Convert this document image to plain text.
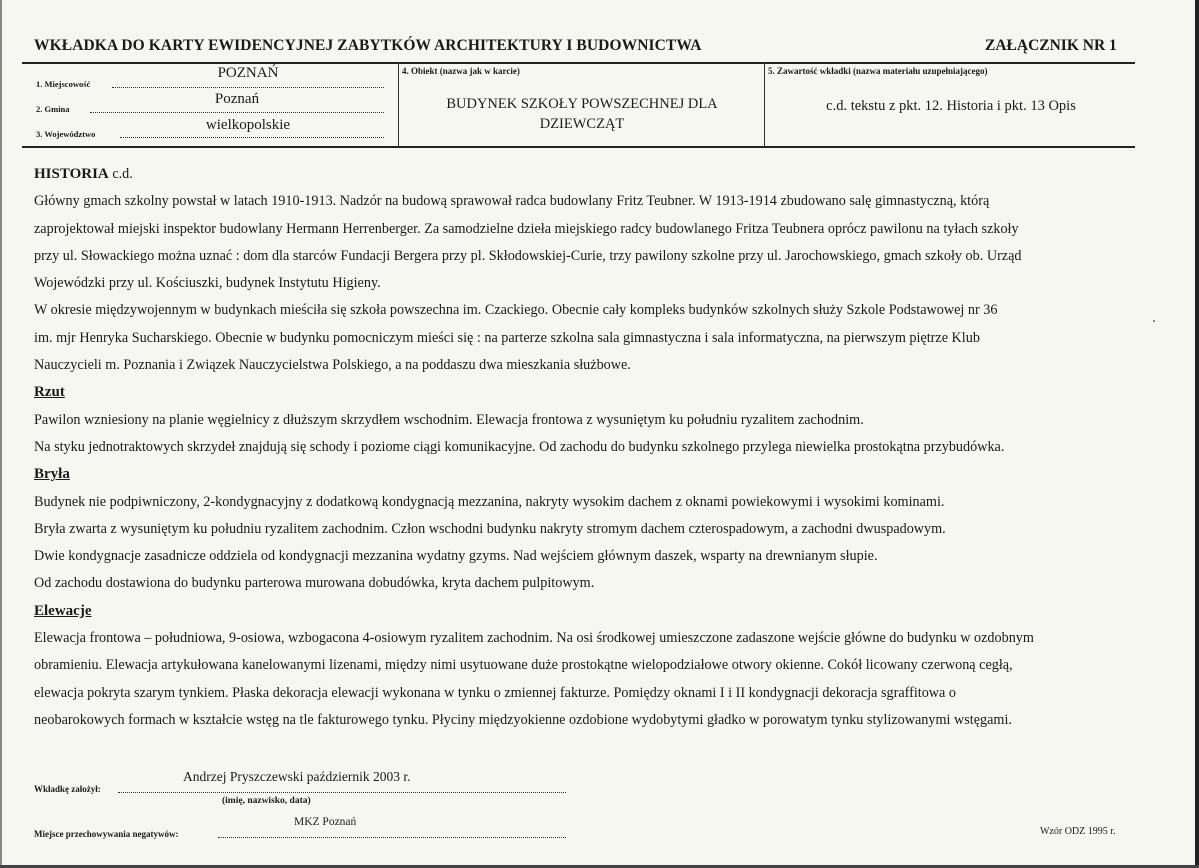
WKŁADKA DO KARTY EWIDENCYJNEJ ZABYTKÓW ARCHITEKTURY I BUDOWNICTWA	ZAŁĄCZNIK NR 1
1. Miejscowość
POZNAŃ
2. Gmina
Poznań
3. Województwo
wielkopolskie
4. Obiekt (nazwa jak w karcie)
BUDYNEK SZKOŁY POWSZECHNEJ DLA
DZIEWCZĄT
5. Zawartość wkładki (nazwa materiału uzupełniającego)
c.d. tekstu z pkt. 12. Historia i pkt. 13 Opis
HISTORIA c.d.
Główny gmach szkolny powstał w latach 1910-1913. Nadzór na budową sprawował radca budowlany Fritz Teubner. W 1913-1914 zbudowano salę gimnastyczną, którą
zaprojektował miejski inspektor budowlany Hermann Herrenberger. Za samodzielne dzieła miejskiego radcy budowlanego Fritza Teubnera oprócz pawilonu na tyłach szkoły
przy ul. Słowackiego można uznać : dom dla starców Fundacji Bergera przy pl. Skłodowskiej-Curie, trzy pawilony szkolne przy ul. Jarochowskiego, gmach szkoły ob. Urząd
Wojewódzki przy ul. Kościuszki, budynek Instytutu Higieny.
W okresie międzywojennym w budynkach mieściła się szkoła powszechna im. Czackiego. Obecnie cały kompleks budynków szkolnych służy Szkole Podstawowej nr 36
im. mjr Henryka Sucharskiego. Obecnie w budynku pomocniczym mieści się : na parterze szkolna sala gimnastyczna i sala informatyczna, na pierwszym piętrze Klub
Nauczycieli m. Poznania i Związek Nauczycielstwa Polskiego, a na poddaszu dwa mieszkania służbowe.
Rzut
Pawilon wzniesiony na planie węgielnicy z dłuższym skrzydłem wschodnim. Elewacja frontowa z wysuniętym ku południu ryzalitem zachodnim.
Na styku jednotraktowych skrzydeł znajdują się schody i poziome ciągi komunikacyjne. Od zachodu do budynku szkolnego przylega niewielka prostokątna przybudówka.
Bryła
Budynek nie podpiwniczony, 2-kondygnacyjny z dodatkową kondygnacją mezzanina, nakryty wysokim dachem z oknami powiekowymi i wysokimi kominami.
Bryła zwarta z wysuniętym ku południu ryzalitem zachodnim. Człon wschodni budynku nakryty stromym dachem czterospadowym, a zachodni dwuspadowym.
Dwie kondygnacje zasadnicze oddziela od kondygnacji mezzanina wydatny gzyms. Nad wejściem głównym daszek, wsparty na drewnianym słupie.
Od zachodu dostawiona do budynku parterowa murowana dobudówka, kryta dachem pulpitowym.
Elewacje
Elewacja frontowa – południowa, 9-osiowa, wzbogacona 4-osiowym ryzalitem zachodnim. Na osi środkowej umieszczone zadaszone wejście główne do budynku w ozdobnym
obramieniu. Elewacja artykułowana kanelowanymi lizenami, między nimi usytuowane duże prostokątne wielopodziałowe otwory okienne. Cokół licowany czerwoną cegłą,
elewacja pokryta szarym tynkiem. Płaska dekoracja elewacji wykonana w tynku o zmiennej fakturze. Pomiędzy oknami I i II kondygnacji dekoracja sgraffitowa o
neobarokowych formach w kształcie wstęg na tle fakturowego tynku. Płyciny międzyokienne ozdobione wydobytymi gładko w porowatym tynku stylizowanymi wstęgami.
Andrzej Pryszczewski październik 2003 r.
Wkładkę założył:
(imię, nazwisko, data)
MKZ Poznań
Miejsce przechowywania negatywów:	Wzór ODZ 1995 r.
